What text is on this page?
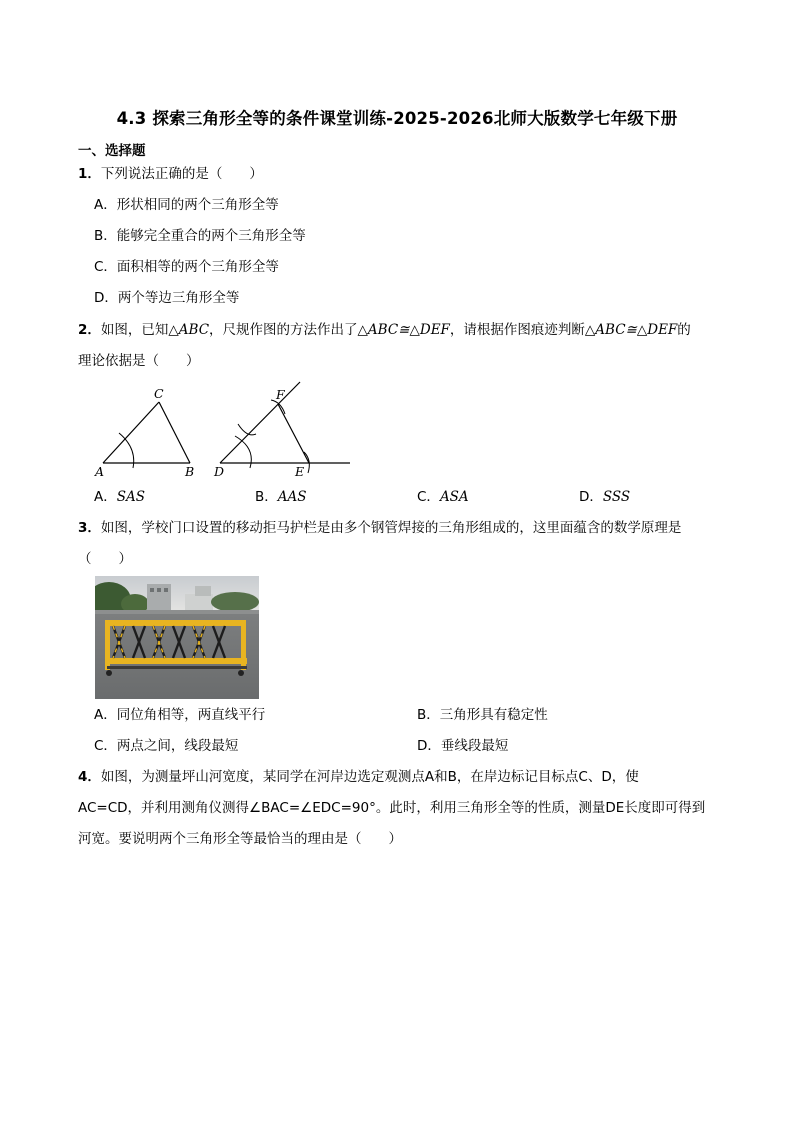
4.3 探索三角形全等的条件课堂训练-2025-2026北师大版数学七年级下册
一、选择题
1．下列说法正确的是（　　）
A．形状相同的两个三角形全等
B．能够完全重合的两个三角形全等
C．面积相等的两个三角形全等
D．两个等边三角形全等
2．如图，已知△ABC，尺规作图的方法作出了△ABC≅△DEF，请根据作图痕迹判断△ABC≅△DEF的
理论依据是（　　）
C
A	B
F
D	E
A．SAS	B．AAS	C．ASA	D．SSS
3．如图，学校门口设置的移动拒马护栏是由多个钢管焊接的三角形组成的，这里面蕴含的数学原理是
（　　）
A．同位角相等，两直线平行	B．三角形具有稳定性
C．两点之间，线段最短	D．垂线段最短
4．如图，为测量坪山河宽度，某同学在河岸边选定观测点A和B，在岸边标记目标点C、D，使
AC=CD，并利用测角仪测得∠BAC=∠EDC=90°。此时，利用三角形全等的性质，测量DE长度即可得到
河宽。要说明两个三角形全等最恰当的理由是（　　）
